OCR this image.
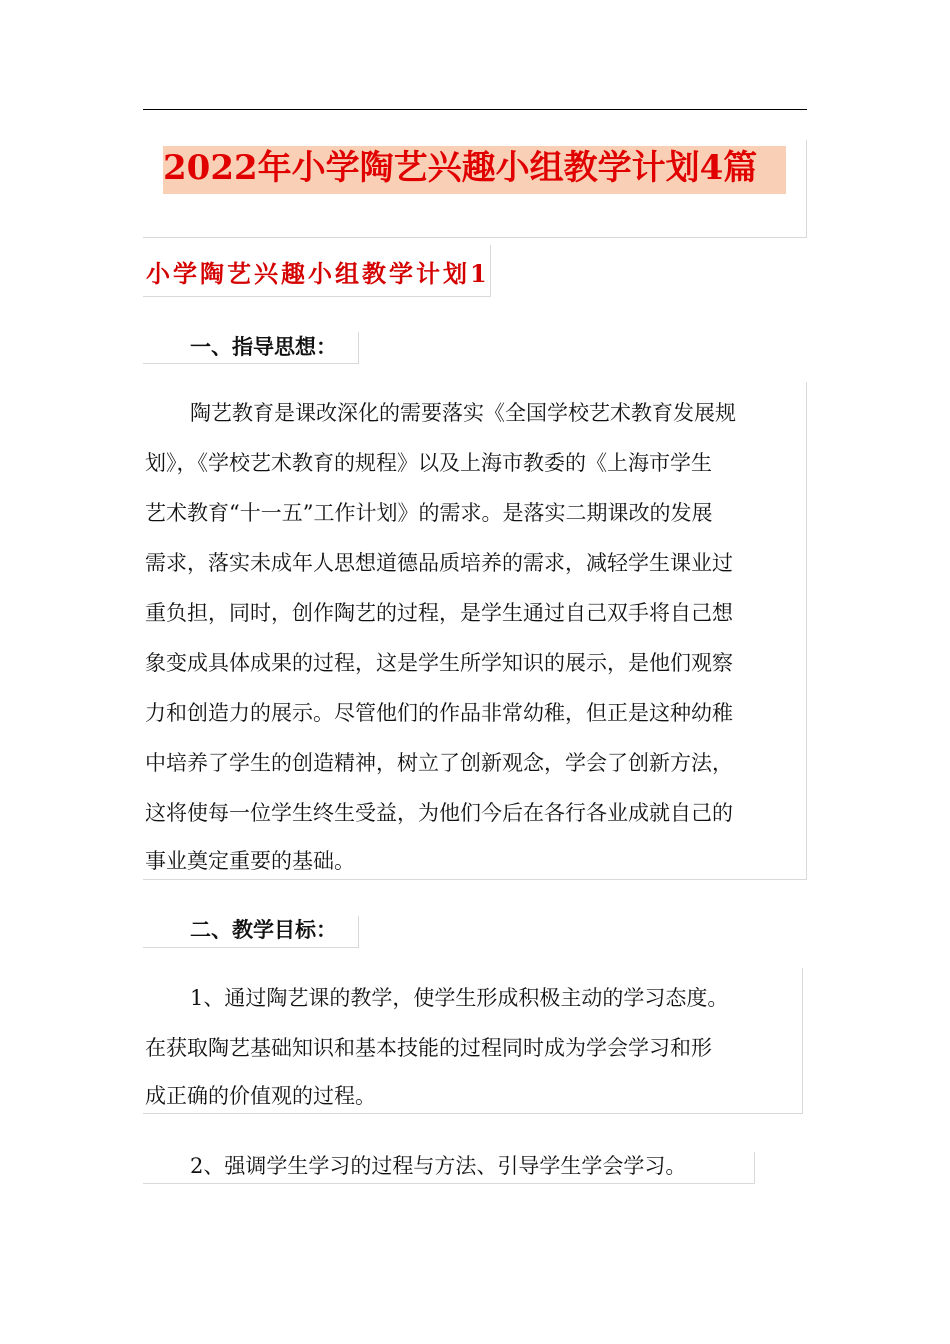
2022年小学陶艺兴趣小组教学计划4篇
小学陶艺兴趣小组教学计划1
一、指导思想：
陶艺教育是课改深化的需要落实《全国学校艺术教育发展规
划》，《学校艺术教育的规程》以及上海市教委的《上海市学生
艺术教育“十一五”工作计划》的需求。是落实二期课改的发展
需求，落实未成年人思想道德品质培养的需求，减轻学生课业过
重负担，同时，创作陶艺的过程，是学生通过自己双手将自己想
象变成具体成果的过程，这是学生所学知识的展示，是他们观察
力和创造力的展示。尽管他们的作品非常幼稚，但正是这种幼稚
中培养了学生的创造精神，树立了创新观念，学会了创新方法，
这将使每一位学生终生受益，为他们今后在各行各业成就自己的
事业奠定重要的基础。
二、教学目标：
1、通过陶艺课的教学，使学生形成积极主动的学习态度。
在获取陶艺基础知识和基本技能的过程同时成为学会学习和形
成正确的价值观的过程。
2、强调学生学习的过程与方法、引导学生学会学习。
